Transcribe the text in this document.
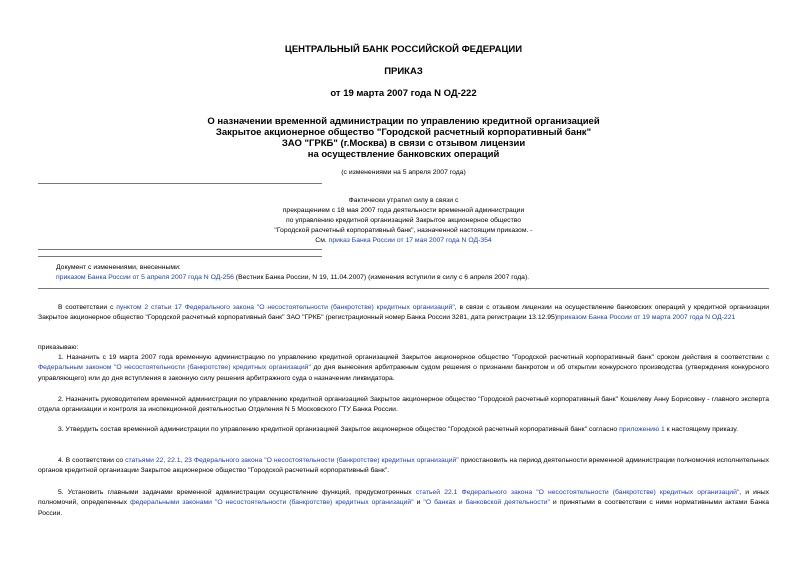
ЦЕНТРАЛЬНЫЙ БАНК РОССИЙСКОЙ ФЕДЕРАЦИИ
ПРИКАЗ
от 19 марта 2007 года N ОД-222
О назначении временной администрации по управлению кредитной организацией
Закрытое акционерное общество "Городской расчетный корпоративный банк"
ЗАО "ГРКБ" (г.Москва) в связи с отзывом лицензии
на осуществление банковских операций
(с изменениями на 5 апреля 2007 года)
Фактически утратил силу в связи с
прекращением с 18 мая 2007 года деятельности временной администрации
по управлению кредитной организацией Закрытое акционерное общество
"Городской расчетный корпоративный банк", назначенной настоящим приказом. -
См. приказ Банка России от 17 мая 2007 года N ОД-354
Документ с изменениями, внесенными:
приказом Банка России от 5 апреля 2007 года N ОД-256 (Вестник Банка России, N 19, 11.04.2007) (изменения вступили в силу с 6 апреля 2007 года).
В соответствии с пунктом 2 статьи 17 Федерального закона "О несостоятельности (банкротстве) кредитных организаций", в связи с отзывом лицензии на осуществление банковских операций у кредитной организации Закрытое акционерное общество "Городской расчетный корпоративный банк" ЗАО "ГРКБ" (регистрационный номер Банка России 3281, дата регистрации 13.12.95)приказом Банка России от 19 марта 2007 года N ОД-221
приказываю:
1. Назначить с 19 марта 2007 года временную администрацию по управлению кредитной организацией Закрытое акционерное общество "Городской расчетный корпоративный банк" сроком действия в соответствии с Федеральным законом "О несостоятельности (банкротстве) кредитных организаций" до дня вынесения арбитражным судом решения о признании банкротом и об открытии конкурсного производства (утверждения конкурсного управляющего) или до дня вступления в законную силу решения арбитражного суда о назначении ликвидатора.
2. Назначить руководителем временной администрации по управлению кредитной организацией Закрытое акционерное общество "Городской расчетный корпоративный банк" Кошелеву Анну Борисовну - главного эксперта отдела организации и контроля за инспекционной деятельностью Отделения N 5 Московского ГТУ Банка России.
3. Утвердить состав временной администрации по управлению кредитной организацией Закрытое акционерное общество "Городской расчетный корпоративный банк" согласно приложению 1 к настоящему приказу.
4. В соответствии со статьями 22, 22.1, 23 Федерального закона "О несостоятельности (банкротстве) кредитных организаций" приостановить на период деятельности временной администрации полномочия исполнительных органов кредитной организации Закрытое акционерное общество "Городской расчетный корпоративный банк".
5. Установить главными задачами временной администрации осуществление функций, предусмотренных статьей 22.1 Федерального закона "О несостоятельности (банкротстве) кредитных организаций", и иных полномочий, определенных федеральными законами "О несостоятельности (банкротстве) кредитных организаций" и "О банках и банковской деятельности" и принятыми в соответствии с ними нормативными актами Банка России.
